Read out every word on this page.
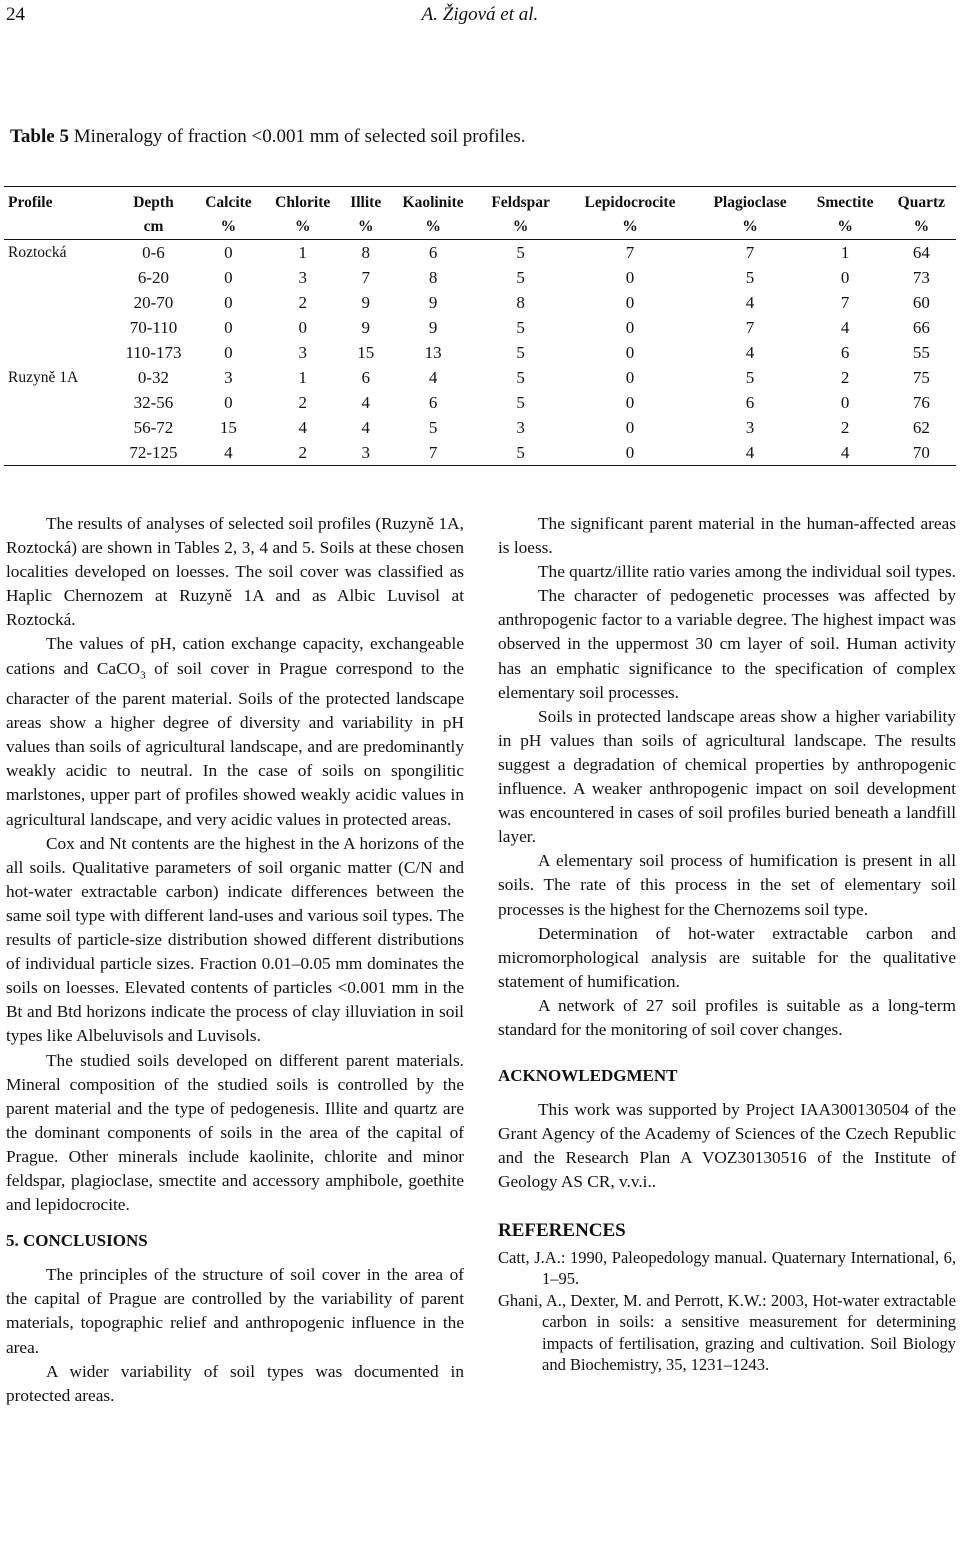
24	A. Žigová et al.
Table 5 Mineralogy of fraction <0.001 mm of selected soil profiles.
Profile	Depth	Calcite	Chlorite	Illite	Kaolinite	Feldspar	Lepidocrocite	Plagioclase	Smectite	Quartz
	cm	%	%	%	%	%	%	%	%	%
Roztocká	0-6	0	1	8	6	5	7	7	1	64
	6-20	0	3	7	8	5	0	5	0	73
	20-70	0	2	9	9	8	0	4	7	60
	70-110	0	0	9	9	5	0	7	4	66
	110-173	0	3	15	13	5	0	4	6	55
Ruzyně 1A	0-32	3	1	6	4	5	0	5	2	75
	32-56	0	2	4	6	5	0	6	0	76
	56-72	15	4	4	5	3	0	3	2	62
	72-125	4	2	3	7	5	0	4	4	70

The results of analyses of selected soil profiles (Ruzyně 1A, Roztocká) are shown in Tables 2, 3, 4 and 5. Soils at these chosen localities developed on loesses. The soil cover was classified as Haplic Chernozem at Ruzyně 1A and as Albic Luvisol at Roztocká.

The values of pH, cation exchange capacity, exchangeable cations and CaCO$_3$ of soil cover in Prague correspond to the character of the parent material. Soils of the protected landscape areas show a higher degree of diversity and variability in pH values than soils of agricultural landscape, and are predominantly weakly acidic to neutral. In the case of soils on spongilitic marlstones, upper part of profiles showed weakly acidic values in agricultural landscape, and very acidic values in protected areas.

Cox and Nt contents are the highest in the A horizons of the all soils. Qualitative parameters of soil organic matter (C/N and hot-water extractable carbon) indicate differences between the same soil type with different land-uses and various soil types. The results of particle-size distribution showed different distributions of individual particle sizes. Fraction 0.01–0.05 mm dominates the soils on loesses. Elevated contents of particles <0.001 mm in the Bt and Btd horizons indicate the process of clay illuviation in soil types like Albeluvisols and Luvisols.

The studied soils developed on different parent materials. Mineral composition of the studied soils is controlled by the parent material and the type of pedogenesis. Illite and quartz are the dominant components of soils in the area of the capital of Prague. Other minerals include kaolinite, chlorite and minor feldspar, plagioclase, smectite and accessory amphibole, goethite and lepidocrocite.

5. CONCLUSIONS

The principles of the structure of soil cover in the area of the capital of Prague are controlled by the variability of parent materials, topographic relief and anthropogenic influence in the area.

A wider variability of soil types was documented in protected areas.

The significant parent material in the human-affected areas is loess.

The quartz/illite ratio varies among the individual soil types.

The character of pedogenetic processes was affected by anthropogenic factor to a variable degree. The highest impact was observed in the uppermost 30 cm layer of soil. Human activity has an emphatic significance to the specification of complex elementary soil processes.

Soils in protected landscape areas show a higher variability in pH values than soils of agricultural landscape. The results suggest a degradation of chemical properties by anthropogenic influence. A weaker anthropogenic impact on soil development was encountered in cases of soil profiles buried beneath a landfill layer.

A elementary soil process of humification is present in all soils. The rate of this process in the set of elementary soil processes is the highest for the Chernozems soil type.

Determination of hot-water extractable carbon and micromorphological analysis are suitable for the qualitative statement of humification.

A network of 27 soil profiles is suitable as a long-term standard for the monitoring of soil cover changes.

ACKNOWLEDGMENT

This work was supported by Project IAA300130504 of the Grant Agency of the Academy of Sciences of the Czech Republic and the Research Plan A VOZ30130516 of the Institute of Geology AS CR, v.v.i..

REFERENCES
Catt, J.A.: 1990, Paleopedology manual. Quaternary International, 6, 1–95.
Ghani, A., Dexter, M. and Perrott, K.W.: 2003, Hot-water extractable carbon in soils: a sensitive measurement for determining impacts of fertilisation, grazing and cultivation. Soil Biology and Biochemistry, 35, 1231–1243.
